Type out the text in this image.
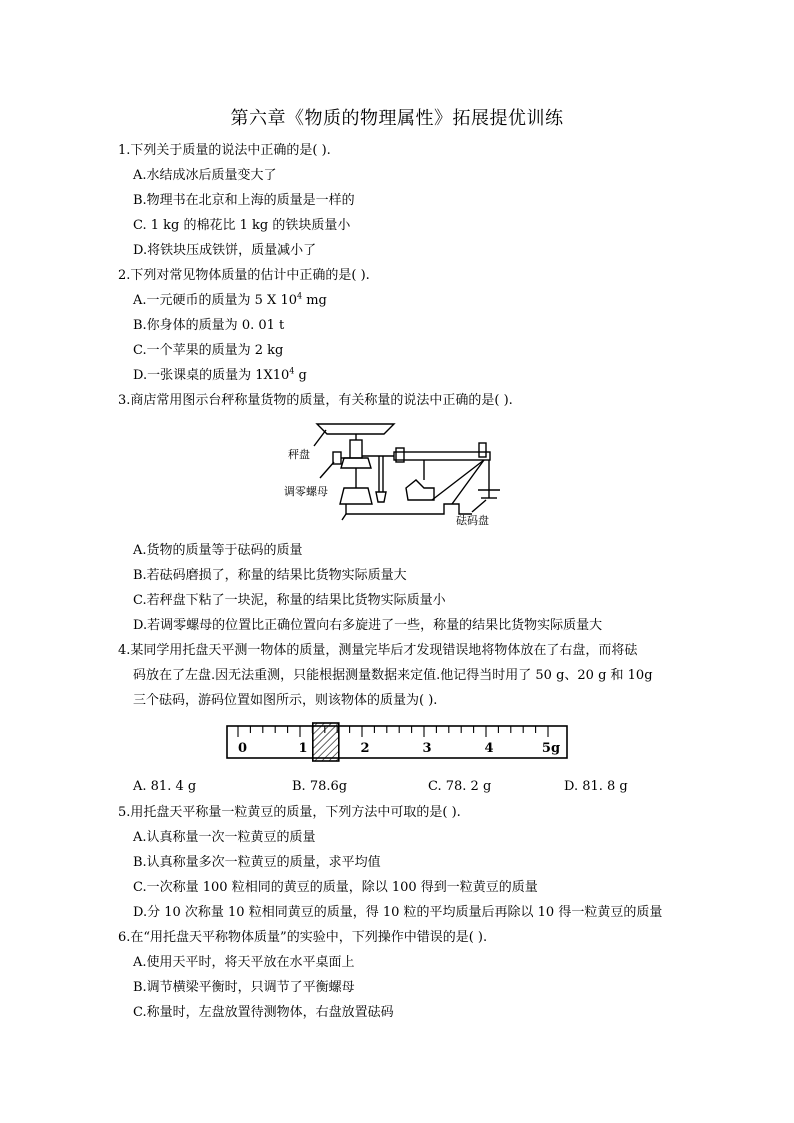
第六章《物质的物理属性》拓展提优训练
1.下列关于质量的说法中正确的是( ).
A.水结成冰后质量变大了
B.物理书在北京和上海的质量是一样的
C. 1 kg 的棉花比 1 kg 的铁块质量小
D.将铁块压成铁饼，质量减小了
2.下列对常见物体质量的估计中正确的是( ).
A.一元硬币的质量为 5 X $10^4$ mg
B.你身体的质量为 0. 01 t
C.一个苹果的质量为 2 kg
D.一张课桌的质量为 $1X10^4$ g
3.商店常用图示台秤称量货物的质量，有关称量的说法中正确的是( ).
秤盘
调零螺母
砝码盘
A.货物的质量等于砝码的质量
B.若砝码磨损了，称量的结果比货物实际质量大
C.若秤盘下粘了一块泥，称量的结果比货物实际质量小
D.若调零螺母的位置比正确位置向右多旋进了一些，称量的结果比货物实际质量大
4.某同学用托盘天平测一物体的质量，测量完毕后才发现错误地将物体放在了右盘，而将砝
码放在了左盘.因无法重测，只能根据测量数据来定值.他记得当时用了 50 g、20 g 和 10g
三个砝码，游码位置如图所示，则该物体的质量为( ).
0	1	2	3	4	5g
A. 81. 4 g	B. 78.6g	C. 78. 2 g	D. 81. 8 g
5.用托盘天平称量一粒黄豆的质量，下列方法中可取的是( ).
A.认真称量一次一粒黄豆的质量
B.认真称量多次一粒黄豆的质量，求平均值
C.一次称量 100 粒相同的黄豆的质量，除以 100 得到一粒黄豆的质量
D.分 10 次称量 10 粒相同黄豆的质量，得 10 粒的平均质量后再除以 10 得一粒黄豆的质量
6.在“用托盘天平称物体质量”的实验中，下列操作中错误的是( ).
A.使用天平时，将天平放在水平桌面上
B.调节横梁平衡时，只调节了平衡螺母
C.称量时，左盘放置待测物体，右盘放置砝码
